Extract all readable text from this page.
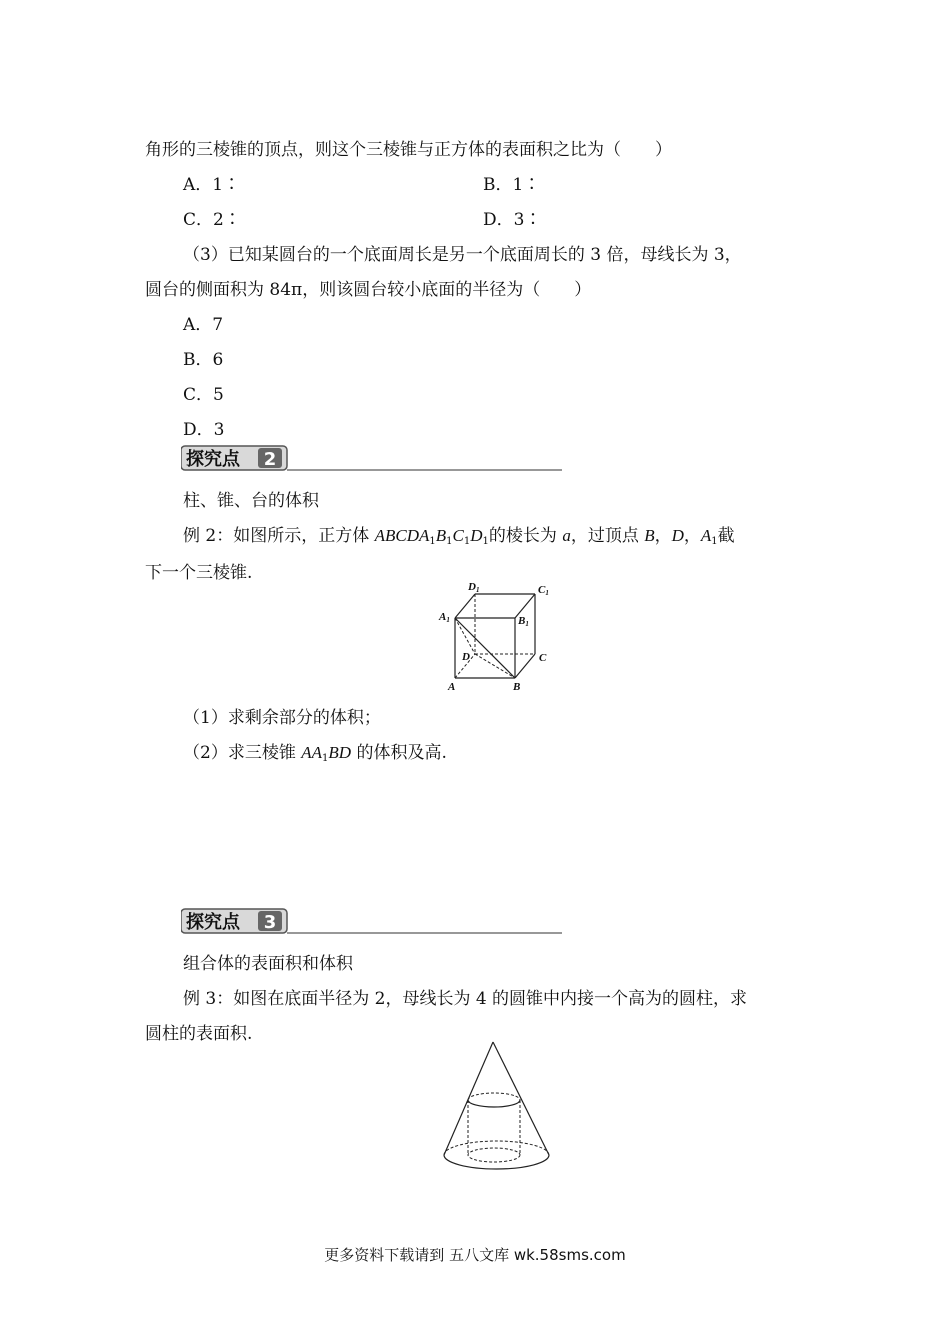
角形的三棱锥的顶点，则这个三棱锥与正方体的表面积之比为（　　）
A．1∶	B．1∶
C．2∶	D．3∶
（3）已知某圆台的一个底面周长是另一个底面周长的 3 倍，母线长为 3，
圆台的侧面积为 84π，则该圆台较小底面的半径为（　　）
A．7
B．6
C．5
D．3
探究点 2
柱、锥、台的体积
例 2：如图所示，正方体 $ABCDA_1B_1C_1D_1$的棱长为 a，过顶点 B，D，$A_1$截
下一个三棱锥.
D1	C1
A1	B1
D	C
A	B
（1）求剩余部分的体积；
（2）求三棱锥 $AA_1BD$ 的体积及高.
探究点 3
组合体的表面积和体积
例 3：如图在底面半径为 2，母线长为 4 的圆锥中内接一个高为的圆柱，求
圆柱的表面积.
更多资料下载请到 五八文库 wk.58sms.com
